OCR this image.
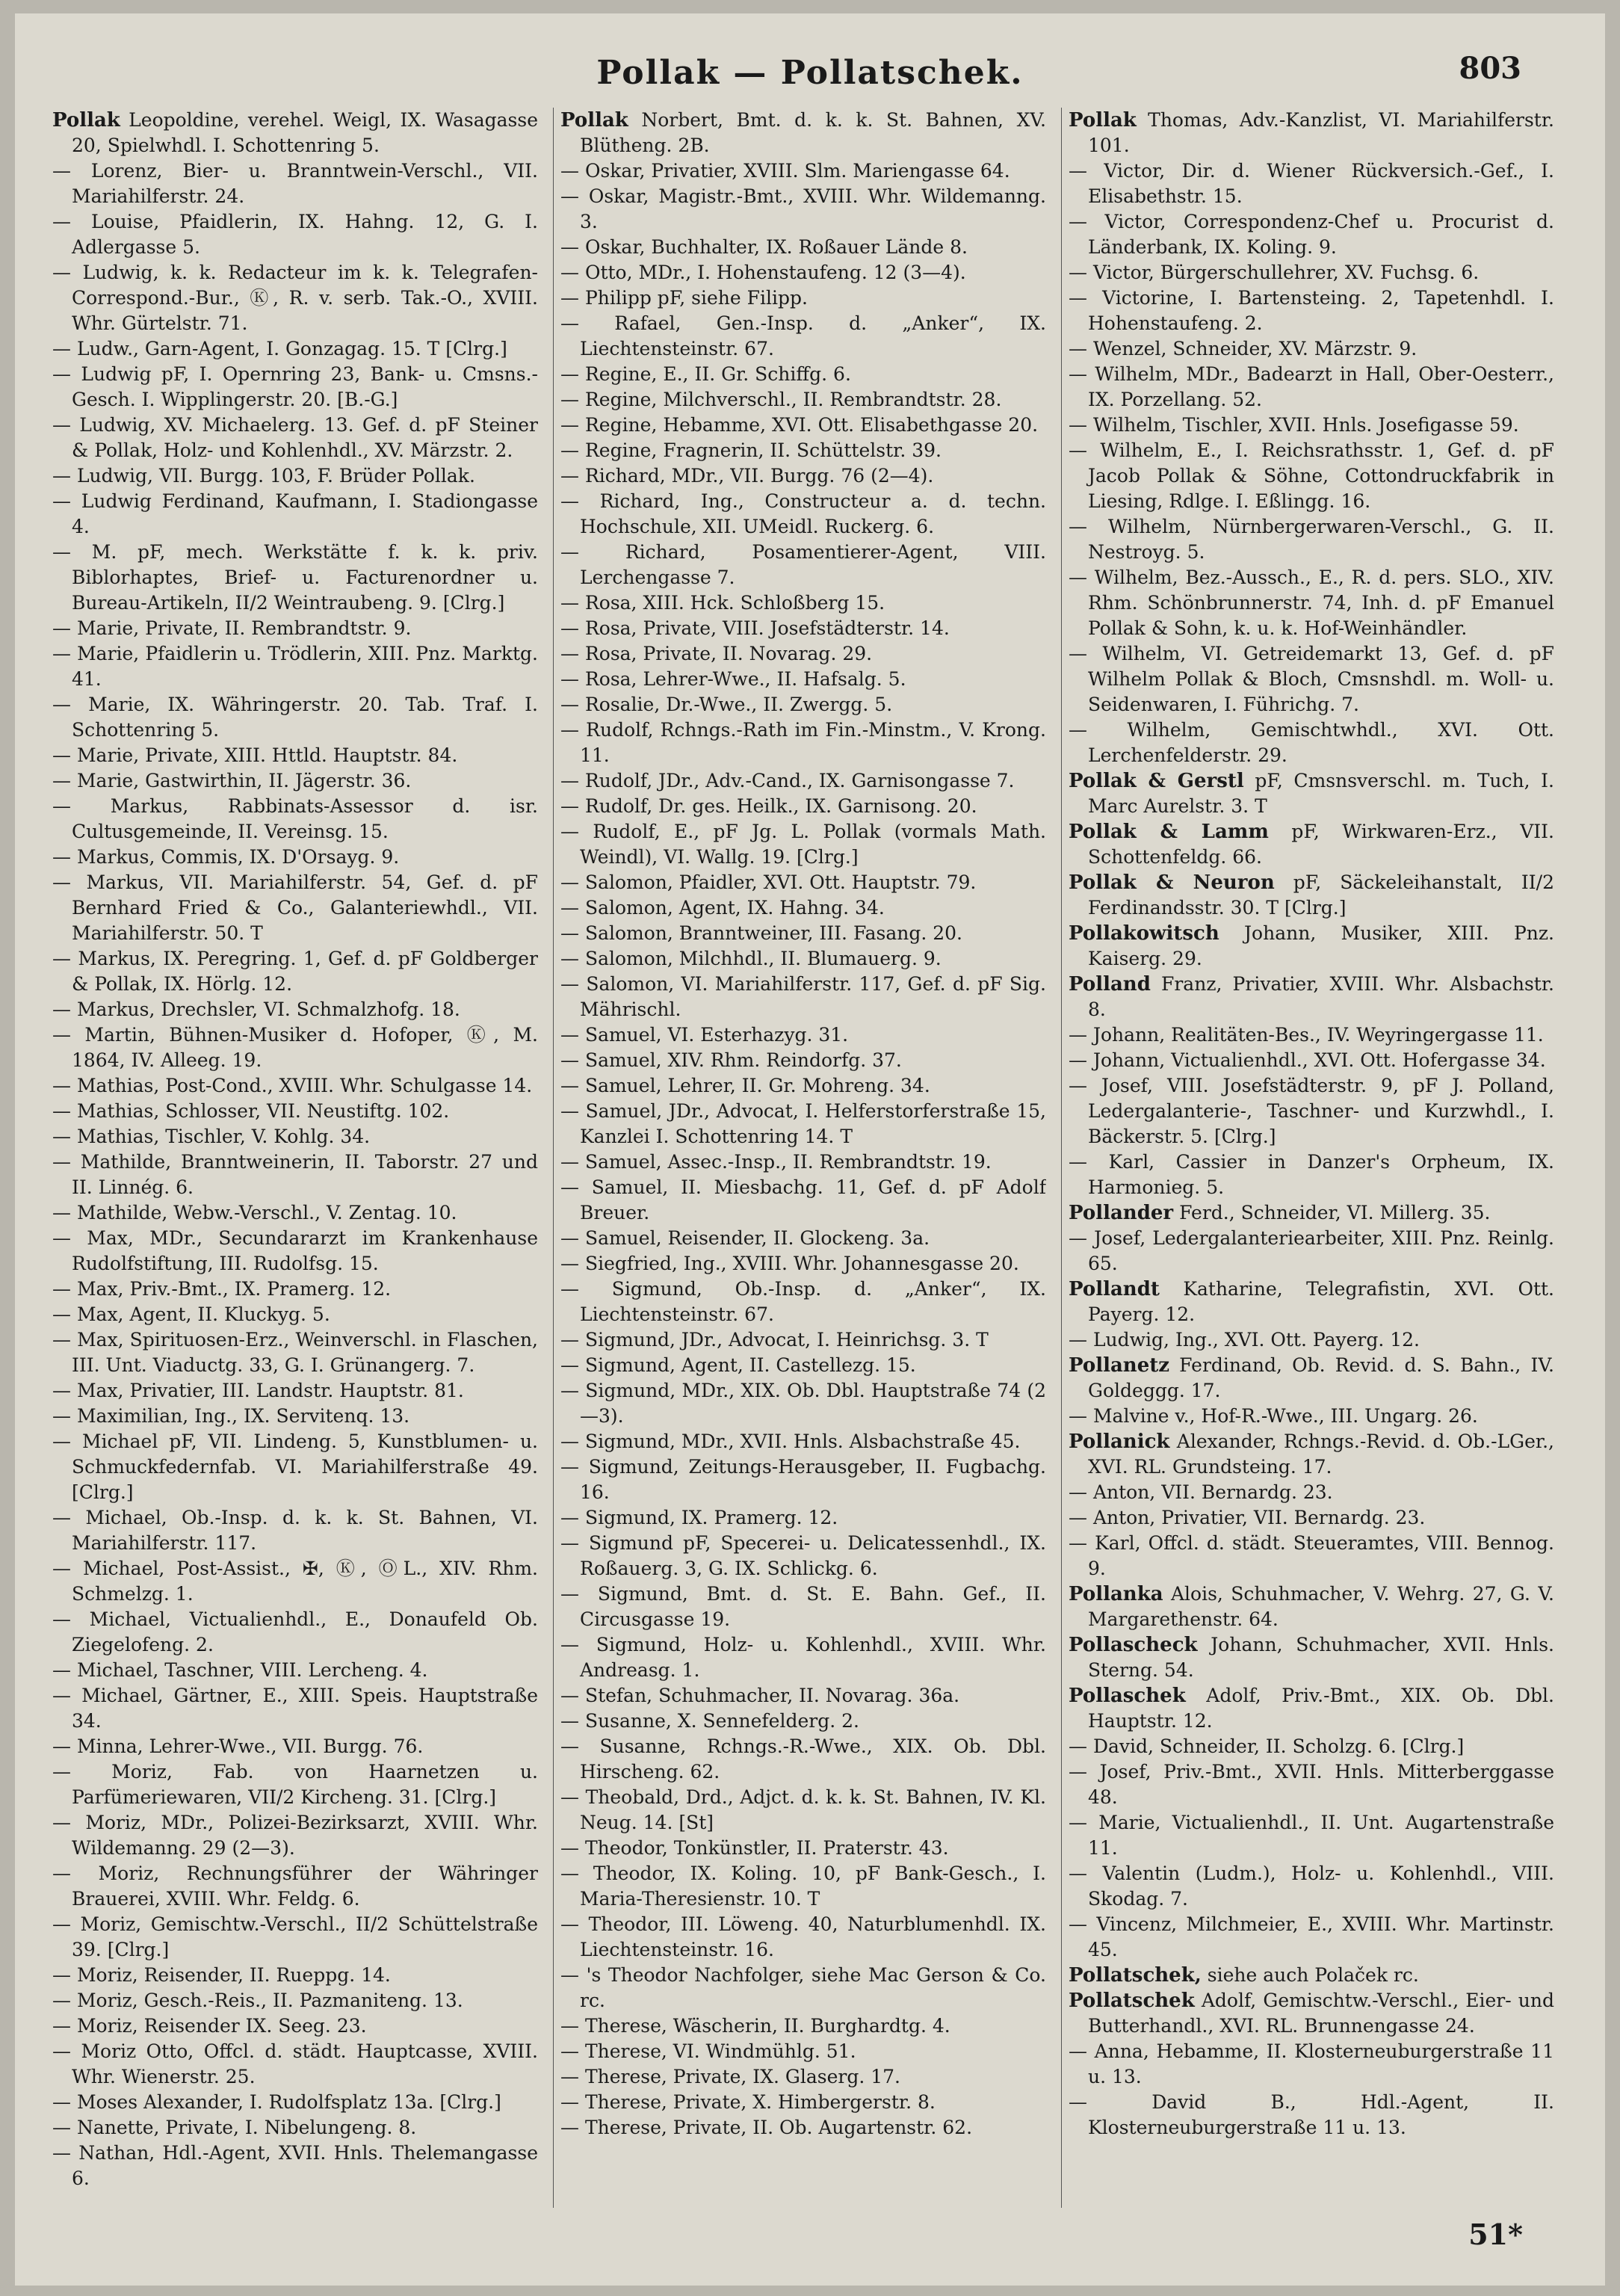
Pollak — Pollatschek.	803

Pollak Leopoldine, verehel. Weigl, IX. Wasagasse 20, Spielwhdl. I. Schottenring 5.

— Lorenz, Bier- u. Branntwein-Verschl., VII. Mariahilferstr. 24.

— Louise, Pfaidlerin, IX. Hahng. 12, G. I. Adlergasse 5.

— Ludwig, k. k. Redacteur im k. k. Telegrafen-Correspond.-Bur., Ⓚ, R. v. serb. Tak.-O., XVIII. Whr. Gürtelstr. 71.

— Ludw., Garn-Agent, I. Gonzagag. 15. T [Clrg.]

— Ludwig pF, I. Opernring 23, Bank- u. Cmsns.-Gesch. I. Wipplingerstr. 20. [B.-G.]

— Ludwig, XV. Michaelerg. 13. Gef. d. pF Steiner & Pollak, Holz- und Kohlenhdl., XV. Märzstr. 2.

— Ludwig, VII. Burgg. 103, F. Brüder Pollak.

— Ludwig Ferdinand, Kaufmann, I. Stadiongasse 4.

— M. pF, mech. Werkstätte f. k. k. priv. Biblorhaptes, Brief- u. Facturenordner u. Bureau-Artikeln, II/2 Weintraubeng. 9. [Clrg.]

— Marie, Private, II. Rembrandtstr. 9.

— Marie, Pfaidlerin u. Trödlerin, XIII. Pnz. Marktg. 41.

— Marie, IX. Währingerstr. 20. Tab. Traf. I. Schottenring 5.

— Marie, Private, XIII. Httld. Hauptstr. 84.

— Marie, Gastwirthin, II. Jägerstr. 36.

— Markus, Rabbinats-Assessor d. isr. Cultusgemeinde, II. Vereinsg. 15.

— Markus, Commis, IX. D'Orsayg. 9.

— Markus, VII. Mariahilferstr. 54, Gef. d. pF Bernhard Fried & Co., Galanteriewhdl., VII. Mariahilferstr. 50. T

— Markus, IX. Peregring. 1, Gef. d. pF Goldberger & Pollak, IX. Hörlg. 12.

— Markus, Drechsler, VI. Schmalzhofg. 18.

— Martin, Bühnen-Musiker d. Hofoper, Ⓚ, M. 1864, IV. Alleeg. 19.

— Mathias, Post-Cond., XVIII. Whr. Schulgasse 14.

— Mathias, Schlosser, VII. Neustiftg. 102.

— Mathias, Tischler, V. Kohlg. 34.

— Mathilde, Branntweinerin, II. Taborstr. 27 und II. Linnég. 6.

— Mathilde, Webw.-Verschl., V. Zentag. 10.

— Max, MDr., Secundararzt im Krankenhause Rudolfstiftung, III. Rudolfsg. 15.

— Max, Priv.-Bmt., IX. Pramerg. 12.

— Max, Agent, II. Kluckyg. 5.

— Max, Spirituosen-Erz., Weinverschl. in Flaschen, III. Unt. Viaductg. 33, G. I. Grünangerg. 7.

— Max, Privatier, III. Landstr. Hauptstr. 81.

— Maximilian, Ing., IX. Servitenq. 13.

— Michael pF, VII. Lindeng. 5, Kunstblumen- u. Schmuckfedernfab. VI. Mariahilferstraße 49. [Clrg.]

— Michael, Ob.-Insp. d. k. k. St. Bahnen, VI. Mariahilferstr. 117.

— Michael, Post-Assist., ✠, Ⓚ, ⓄL., XIV. Rhm. Schmelzg. 1.

— Michael, Victualienhdl., E., Donaufeld Ob. Ziegelofeng. 2.

— Michael, Taschner, VIII. Lercheng. 4.

— Michael, Gärtner, E., XIII. Speis. Hauptstraße 34.

— Minna, Lehrer-Wwe., VII. Burgg. 76.

— Moriz, Fab. von Haarnetzen u. Parfümeriewaren, VII/2 Kircheng. 31. [Clrg.]

— Moriz, MDr., Polizei-Bezirksarzt, XVIII. Whr. Wildemanng. 29 (2—3).

— Moriz, Rechnungsführer der Währinger Brauerei, XVIII. Whr. Feldg. 6.

— Moriz, Gemischtw.-Verschl., II/2 Schüttelstraße 39. [Clrg.]

— Moriz, Reisender, II. Rueppg. 14.

— Moriz, Gesch.-Reis., II. Pazmaniteng. 13.

— Moriz, Reisender IX. Seeg. 23.

— Moriz Otto, Offcl. d. städt. Hauptcasse, XVIII. Whr. Wienerstr. 25.

— Moses Alexander, I. Rudolfsplatz 13a. [Clrg.]

— Nanette, Private, I. Nibelungeng. 8.

— Nathan, Hdl.-Agent, XVII. Hnls. Thelemangasse 6.

Pollak Norbert, Bmt. d. k. k. St. Bahnen, XV. Blütheng. 2B.

— Oskar, Privatier, XVIII. Slm. Mariengasse 64.

— Oskar, Magistr.-Bmt., XVIII. Whr. Wildemanng. 3.

— Oskar, Buchhalter, IX. Roßauer Lände 8.

— Otto, MDr., I. Hohenstaufeng. 12 (3—4).

— Philipp pF, siehe Filipp.

— Rafael, Gen.-Insp. d. „Anker“, IX. Liechtensteinstr. 67.

— Regine, E., II. Gr. Schiffg. 6.

— Regine, Milchverschl., II. Rembrandtstr. 28.

— Regine, Hebamme, XVI. Ott. Elisabethgasse 20.

— Regine, Fragnerin, II. Schüttelstr. 39.

— Richard, MDr., VII. Burgg. 76 (2—4).

— Richard, Ing., Constructeur a. d. techn. Hochschule, XII. UMeidl. Ruckerg. 6.

— Richard, Posamentierer-Agent, VIII. Lerchengasse 7.

— Rosa, XIII. Hck. Schloßberg 15.

— Rosa, Private, VIII. Josefstädterstr. 14.

— Rosa, Private, II. Novarag. 29.

— Rosa, Lehrer-Wwe., II. Hafsalg. 5.

— Rosalie, Dr.-Wwe., II. Zwergg. 5.

— Rudolf, Rchngs.-Rath im Fin.-Minstm., V. Krong. 11.

— Rudolf, JDr., Adv.-Cand., IX. Garnisongasse 7.

— Rudolf, Dr. ges. Heilk., IX. Garnisong. 20.

— Rudolf, E., pF Jg. L. Pollak (vormals Math. Weindl), VI. Wallg. 19. [Clrg.]

— Salomon, Pfaidler, XVI. Ott. Hauptstr. 79.

— Salomon, Agent, IX. Hahng. 34.

— Salomon, Branntweiner, III. Fasang. 20.

— Salomon, Milchhdl., II. Blumauerg. 9.

— Salomon, VI. Mariahilferstr. 117, Gef. d. pF Sig. Mährischl.

— Samuel, VI. Esterhazyg. 31.

— Samuel, XIV. Rhm. Reindorfg. 37.

— Samuel, Lehrer, II. Gr. Mohreng. 34.

— Samuel, JDr., Advocat, I. Helferstorferstraße 15, Kanzlei I. Schottenring 14. T

— Samuel, Assec.-Insp., II. Rembrandtstr. 19.

— Samuel, II. Miesbachg. 11, Gef. d. pF Adolf Breuer.

— Samuel, Reisender, II. Glockeng. 3a.

— Siegfried, Ing., XVIII. Whr. Johannesgasse 20.

— Sigmund, Ob.-Insp. d. „Anker“, IX. Liechtensteinstr. 67.

— Sigmund, JDr., Advocat, I. Heinrichsg. 3. T

— Sigmund, Agent, II. Castellezg. 15.

— Sigmund, MDr., XIX. Ob. Dbl. Hauptstraße 74 (2—3).

— Sigmund, MDr., XVII. Hnls. Alsbachstraße 45.

— Sigmund, Zeitungs-Herausgeber, II. Fugbachg. 16.

— Sigmund, IX. Pramerg. 12.

— Sigmund pF, Specerei- u. Delicatessenhdl., IX. Roßauerg. 3, G. IX. Schlickg. 6.

— Sigmund, Bmt. d. St. E. Bahn. Gef., II. Circusgasse 19.

— Sigmund, Holz- u. Kohlenhdl., XVIII. Whr. Andreasg. 1.

— Stefan, Schuhmacher, II. Novarag. 36a.

— Susanne, X. Sennefelderg. 2.

— Susanne, Rchngs.-R.-Wwe., XIX. Ob. Dbl. Hirscheng. 62.

— Theobald, Drd., Adjct. d. k. k. St. Bahnen, IV. Kl. Neug. 14. [St]

— Theodor, Tonkünstler, II. Praterstr. 43.

— Theodor, IX. Koling. 10, pF Bank-Gesch., I. Maria-Theresienstr. 10. T

— Theodor, III. Löweng. 40, Naturblumenhdl. IX. Liechtensteinstr. 16.

— 's Theodor Nachfolger, siehe Mac Gerson & Co. rc.

— Therese, Wäscherin, II. Burghardtg. 4.

— Therese, VI. Windmühlg. 51.

— Therese, Private, IX. Glaserg. 17.

— Therese, Private, X. Himbergerstr. 8.

— Therese, Private, II. Ob. Augartenstr. 62.

Pollak Thomas, Adv.-Kanzlist, VI. Mariahilferstr. 101.

— Victor, Dir. d. Wiener Rückversich.-Gef., I. Elisabethstr. 15.

— Victor, Correspondenz-Chef u. Procurist d. Länderbank, IX. Koling. 9.

— Victor, Bürgerschullehrer, XV. Fuchsg. 6.

— Victorine, I. Bartensteing. 2, Tapetenhdl. I. Hohenstaufeng. 2.

— Wenzel, Schneider, XV. Märzstr. 9.

— Wilhelm, MDr., Badearzt in Hall, Ober-Oesterr., IX. Porzellang. 52.

— Wilhelm, Tischler, XVII. Hnls. Josefigasse 59.

— Wilhelm, E., I. Reichsrathsstr. 1, Gef. d. pF Jacob Pollak & Söhne, Cottondruckfabrik in Liesing, Rdlge. I. Eßlingg. 16.

— Wilhelm, Nürnbergerwaren-Verschl., G. II. Nestroyg. 5.

— Wilhelm, Bez.-Aussch., E., R. d. pers. SLO., XIV. Rhm. Schönbrunnerstr. 74, Inh. d. pF Emanuel Pollak & Sohn, k. u. k. Hof-Weinhändler.

— Wilhelm, VI. Getreidemarkt 13, Gef. d. pF Wilhelm Pollak & Bloch, Cmsnshdl. m. Woll- u. Seidenwaren, I. Führichg. 7.

— Wilhelm, Gemischtwhdl., XVI. Ott. Lerchenfelderstr. 29.

Pollak & Gerstl pF, Cmsnsverschl. m. Tuch, I. Marc Aurelstr. 3. T

Pollak & Lamm pF, Wirkwaren-Erz., VII. Schottenfeldg. 66.

Pollak & Neuron pF, Säckeleihanstalt, II/2 Ferdinandsstr. 30. T [Clrg.]

Pollakowitsch Johann, Musiker, XIII. Pnz. Kaiserg. 29.

Polland Franz, Privatier, XVIII. Whr. Alsbachstr. 8.

— Johann, Realitäten-Bes., IV. Weyringergasse 11.

— Johann, Victualienhdl., XVI. Ott. Hofergasse 34.

— Josef, VIII. Josefstädterstr. 9, pF J. Polland, Ledergalanterie-, Taschner- und Kurzwhdl., I. Bäckerstr. 5. [Clrg.]

— Karl, Cassier in Danzer's Orpheum, IX. Harmonieg. 5.

Pollander Ferd., Schneider, VI. Millerg. 35.

— Josef, Ledergalanteriearbeiter, XIII. Pnz. Reinlg. 65.

Pollandt Katharine, Telegrafistin, XVI. Ott. Payerg. 12.

— Ludwig, Ing., XVI. Ott. Payerg. 12.

Pollanetz Ferdinand, Ob. Revid. d. S. Bahn., IV. Goldeggg. 17.

— Malvine v., Hof-R.-Wwe., III. Ungarg. 26.

Pollanick Alexander, Rchngs.-Revid. d. Ob.-LGer., XVI. RL. Grundsteing. 17.

— Anton, VII. Bernardg. 23.

— Anton, Privatier, VII. Bernardg. 23.

— Karl, Offcl. d. städt. Steueramtes, VIII. Bennog. 9.

Pollanka Alois, Schuhmacher, V. Wehrg. 27, G. V. Margarethenstr. 64.

Pollascheck Johann, Schuhmacher, XVII. Hnls. Sterng. 54.

Pollaschek Adolf, Priv.-Bmt., XIX. Ob. Dbl. Hauptstr. 12.

— David, Schneider, II. Scholzg. 6. [Clrg.]

— Josef, Priv.-Bmt., XVII. Hnls. Mitterberggasse 48.

— Marie, Victualienhdl., II. Unt. Augartenstraße 11.

— Valentin (Ludm.), Holz- u. Kohlenhdl., VIII. Skodag. 7.

— Vincenz, Milchmeier, E., XVIII. Whr. Martinstr. 45.

Pollatschek, siehe auch Polaček rc.

Pollatschek Adolf, Gemischtw.-Verschl., Eier- und Butterhandl., XVI. RL. Brunnengasse 24.

— Anna, Hebamme, II. Klosterneuburgerstraße 11 u. 13.

— David B., Hdl.-Agent, II. Klosterneuburgerstraße 11 u. 13.

51*
